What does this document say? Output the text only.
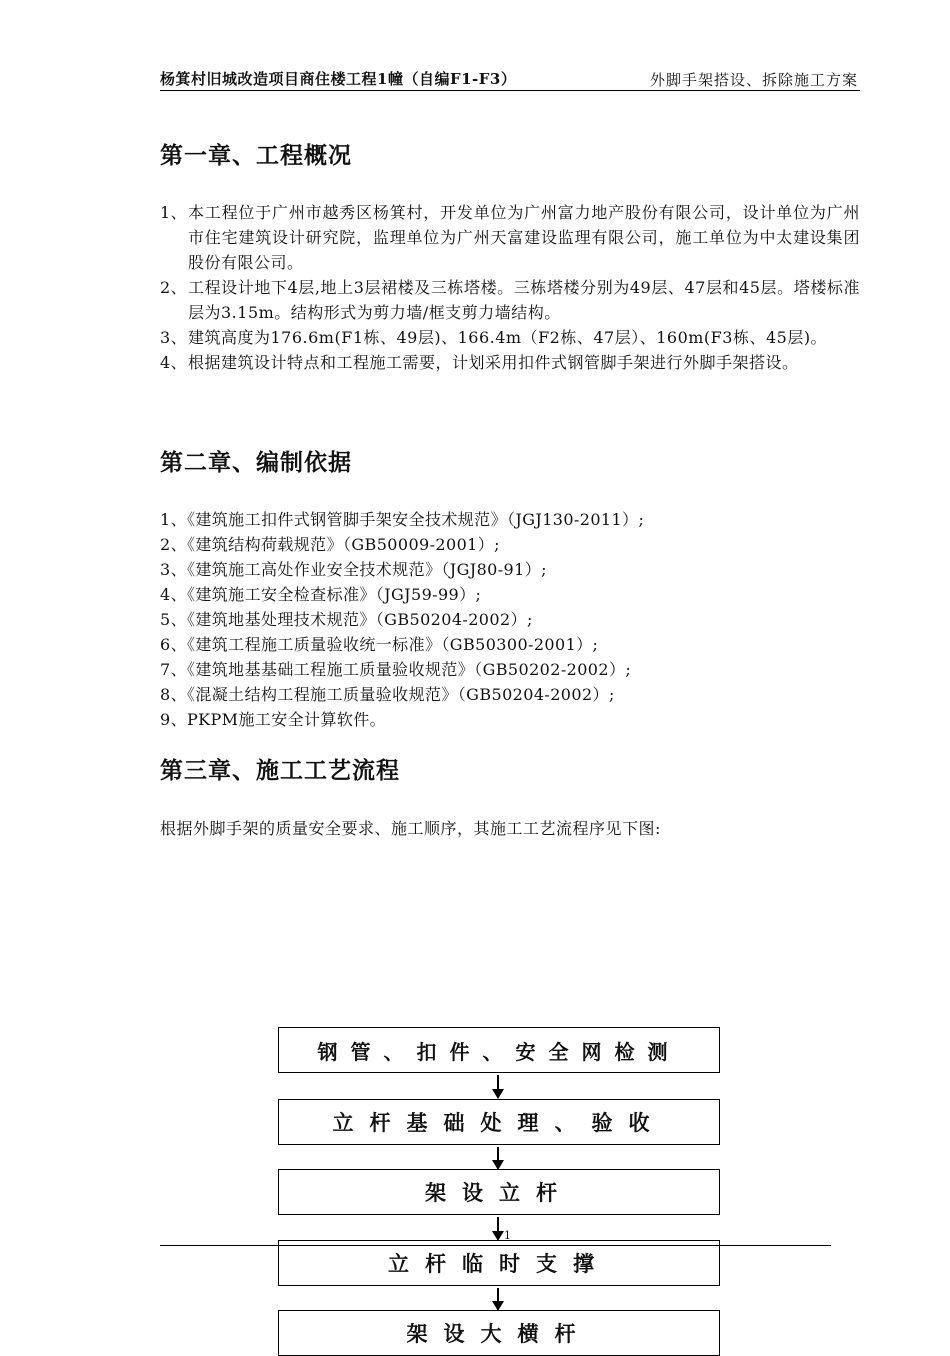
杨箕村旧城改造项目商住楼工程1幢（自编F1-F3）	外脚手架搭设、拆除施工方案
第一章、工程概况
1、 本工程位于广州市越秀区杨箕村，开发单位为广州富力地产股份有限公司，设计单位为广州市住宅建筑设计研究院，监理单位为广州天富建设监理有限公司，施工单位为中太建设集团股份有限公司。
2、 工程设计地下4层,地上3层裙楼及三栋塔楼。三栋塔楼分别为49层、47层和45层。塔楼标准层为3.15m。结构形式为剪力墙/框支剪力墙结构。
3、 建筑高度为176.6m(F1栋、49层)、166.4m（F2栋、47层）、160m(F3栋、45层)。
4、 根据建筑设计特点和工程施工需要，计划采用扣件式钢管脚手架进行外脚手架搭设。
第二章、编制依据
1、《建筑施工扣件式钢管脚手架安全技术规范》（JGJ130-2011）;
2、《建筑结构荷载规范》（GB50009-2001）;
3、《建筑施工高处作业安全技术规范》（JGJ80-91）;
4、《建筑施工安全检查标准》（JGJ59-99）;
5、《建筑地基处理技术规范》（GB50204-2002）;
6、《建筑工程施工质量验收统一标准》（GB50300-2001）;
7、《建筑地基基础工程施工质量验收规范》（GB50202-2002）;
8、《混凝土结构工程施工质量验收规范》（GB50204-2002）;
9、PKPM施工安全计算软件。
第三章、施工工艺流程
根据外脚手架的质量安全要求、施工顺序，其施工工艺流程序见下图:
钢管、扣件、安全网检测
立杆基础处理、验收
架设立杆
立杆临时支撑
架设大横杆
1
